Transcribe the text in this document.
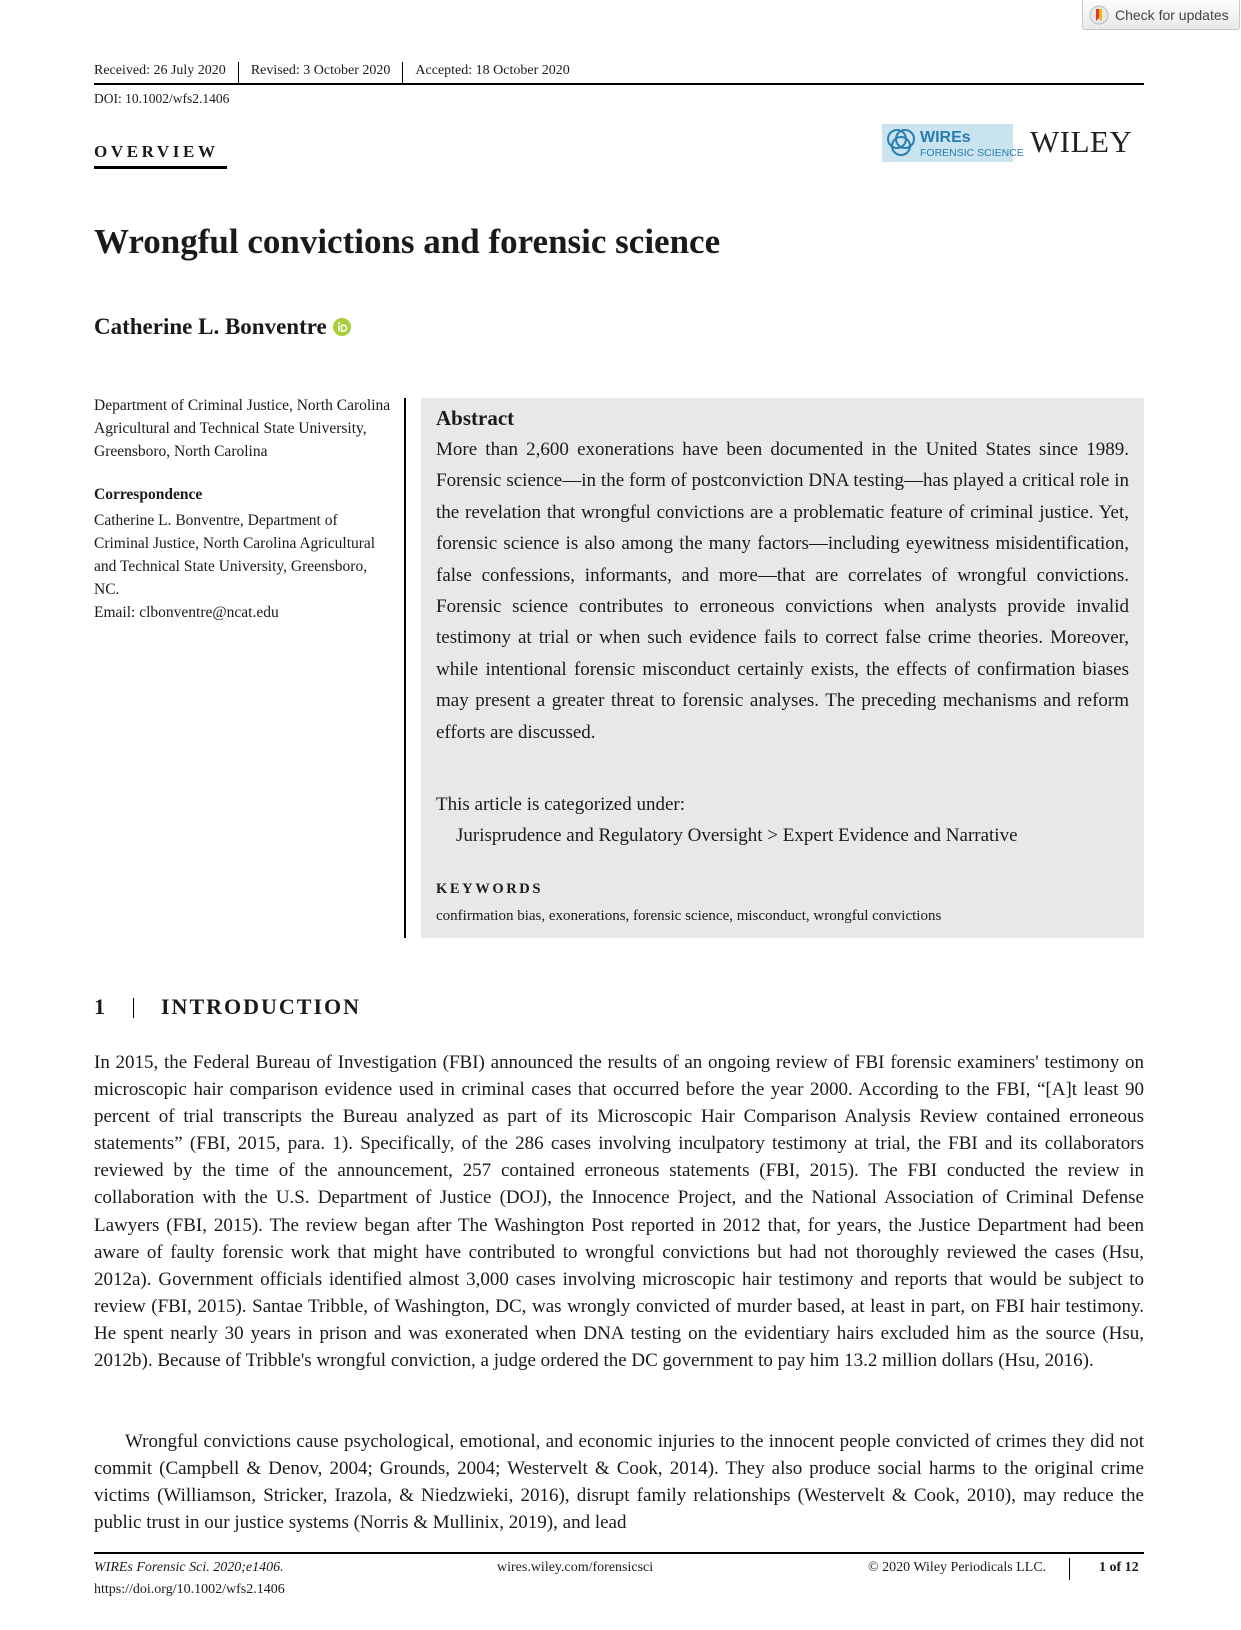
Check for updates
Received: 26 July 2020	Revised: 3 October 2020	Accepted: 18 October 2020
DOI: 10.1002/wfs2.1406
OVERVIEW
WIREs
FORENSIC SCIENCE WILEY
Wrongful convictions and forensic science
Catherine L. Bonventre
Department of Criminal Justice, North Carolina Agricultural and Technical State University, Greensboro, North Carolina
Correspondence
Catherine L. Bonventre, Department of Criminal Justice, North Carolina Agricultural and Technical State University, Greensboro, NC.
Email: clbonventre@ncat.edu
Abstract

More than 2,600 exonerations have been documented in the United States since 1989. Forensic science—in the form of postconviction DNA testing—has played a critical role in the revelation that wrongful convictions are a problematic feature of criminal justice. Yet, forensic science is also among the many factors—including eyewitness misidentification, false confessions, informants, and more—that are correlates of wrongful convictions. Forensic science contributes to erroneous convictions when analysts provide invalid testimony at trial or when such evidence fails to correct false crime theories. Moreover, while intentional forensic misconduct certainly exists, the effects of confirmation biases may present a greater threat to forensic analyses. The preceding mechanisms and reform efforts are discussed.

This article is categorized under:
Jurisprudence and Regulatory Oversight > Expert Evidence and Narrative
KEYWORDS
confirmation bias, exonerations, forensic science, misconduct, wrongful convictions
1	INTRODUCTION

In 2015, the Federal Bureau of Investigation (FBI) announced the results of an ongoing review of FBI forensic examiners' testimony on microscopic hair comparison evidence used in criminal cases that occurred before the year 2000. According to the FBI, “[A]t least 90 percent of trial transcripts the Bureau analyzed as part of its Microscopic Hair Comparison Analysis Review contained erroneous statements” (FBI, 2015, para. 1). Specifically, of the 286 cases involving inculpatory testimony at trial, the FBI and its collaborators reviewed by the time of the announcement, 257 contained erroneous statements (FBI, 2015). The FBI conducted the review in collaboration with the U.S. Department of Justice (DOJ), the Innocence Project, and the National Association of Criminal Defense Lawyers (FBI, 2015). The review began after The Washington Post reported in 2012 that, for years, the Justice Department had been aware of faulty forensic work that might have contributed to wrongful convictions but had not thoroughly reviewed the cases (Hsu, 2012a). Government officials identified almost 3,000 cases involving microscopic hair testimony and reports that would be subject to review (FBI, 2015). Santae Tribble, of Washington, DC, was wrongly convicted of murder based, at least in part, on FBI hair testimony. He spent nearly 30 years in prison and was exonerated when DNA testing on the evidentiary hairs excluded him as the source (Hsu, 2012b). Because of Tribble's wrongful conviction, a judge ordered the DC government to pay him 13.2 million dollars (Hsu, 2016).

Wrongful convictions cause psychological, emotional, and economic injuries to the innocent people convicted of crimes they did not commit (Campbell & Denov, 2004; Grounds, 2004; Westervelt & Cook, 2014). They also produce social harms to the original crime victims (Williamson, Stricker, Irazola, & Niedzwieki, 2016), disrupt family relationships (Westervelt & Cook, 2010), may reduce the public trust in our justice systems (Norris & Mullinix, 2019), and lead

WIREs Forensic Sci. 2020;e1406.
https://doi.org/10.1002/wfs2.1406
wires.wiley.com/forensicsci	© 2020 Wiley Periodicals LLC.	1 of 12
